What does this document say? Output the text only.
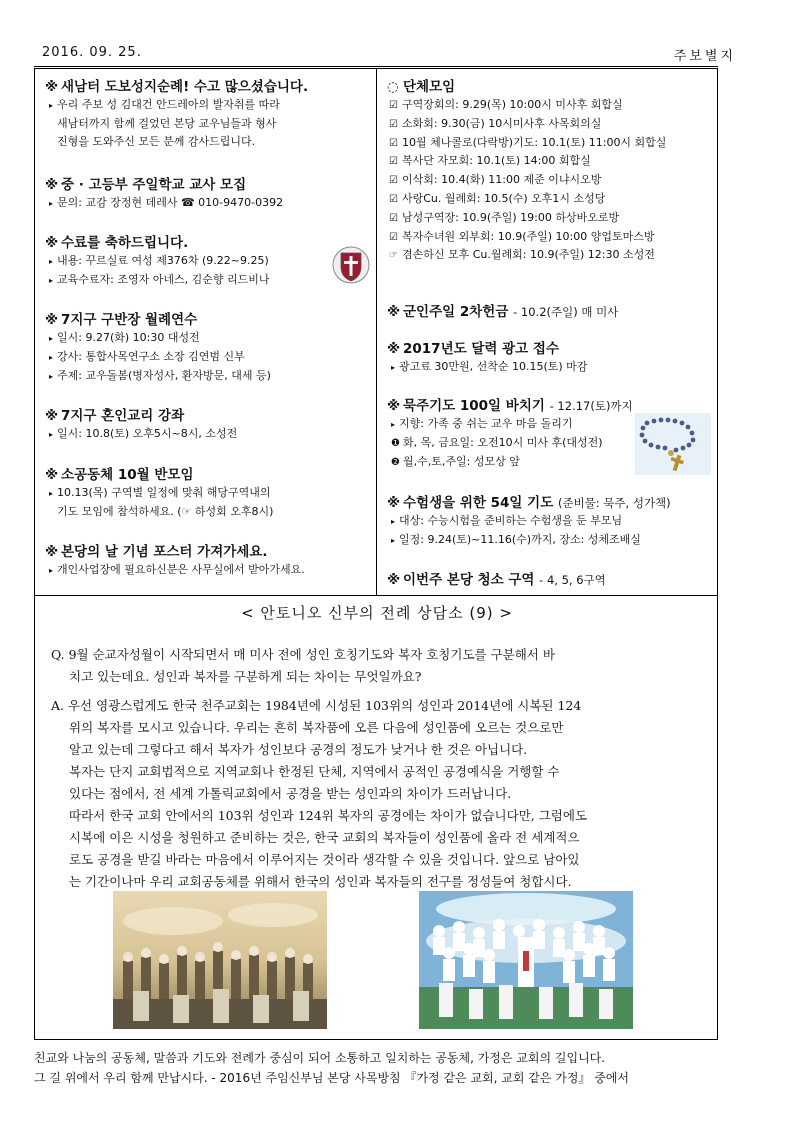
2016. 09. 25.	주보별지
※ 새남터 도보성지순례! 수고 많으셨습니다.
▸ 우리 주보 성 김대건 안드레아의 발자취를 따라
새남터까지 함께 걸었던 본당 교우님들과 형사
진형을 도와주신 모든 분께 감사드립니다.
※ 중 · 고등부 주일학교 교사 모집
▸ 문의: 교감 장정현 데레사 ☎ 010-9470-0392
※ 수료를 축하드립니다.
▸ 내용: 꾸르실료 여성 제376차 (9.22~9.25)
▸ 교육수료자: 조영자 아네스, 김순향 리드비나
※ 7지구 구반장 월례연수
▸ 일시: 9.27(화) 10:30 대성전
▸ 강사: 통합사목연구소 소장 김연범 신부
▸ 주제: 교우돌봄(병자성사, 환자방문, 대세 등)
※ 7지구 혼인교리 강좌
▸ 일시: 10.8(토) 오후5시~8시, 소성전
※ 소공동체 10월 반모임
▸ 10.13(목) 구역별 일정에 맞춰 해당구역내의
기도 모임에 참석하세요. (☞ 하성회 오후8시)
※ 본당의 날 기념 포스터 가져가세요.
▸ 개인사업장에 필요하신분은 사무실에서 받아가세요.
◌ 단체모임
☑ 구역장회의: 9.29(목) 10:00시 미사후 회합실
☑ 소화회: 9.30(금) 10시미사후 사목회의실
☑ 10월 체나콜로(다락방)기도: 10.1(토) 11:00시 회합실
☑ 복사단 자모회: 10.1(토) 14:00 회합실
☑ 이삭회: 10.4(화) 11:00 제준 이냐시오방
☑ 사랑Cu. 월례회: 10.5(수) 오후1시 소성당
☑ 남성구역장: 10.9(주일) 19:00 하상바오로방
☑ 복자수녀원 외부회: 10.9(주일) 10:00 양업토마스방
☞ 겸손하신 모후 Cu.월례회: 10.9(주일) 12:30 소성전
※ 군인주일 2차헌금 - 10.2(주일) 매 미사
※ 2017년도 달력 광고 접수
▸ 광고료 30만원, 선착순 10.15(토) 마감
※ 묵주기도 100일 바치기 - 12.17(토)까지
▸ 지향: 가족 중 쉬는 교우 마음 돌리기
❶ 화, 목, 금요일: 오전10시 미사 후(대성전)
❷ 월,수,토,주일: 성모상 앞
※ 수험생을 위한 54일 기도 (준비물: 묵주, 성가책)
▸ 대상: 수능시험을 준비하는 수험생을 둔 부모님
▸ 일정: 9.24(토)~11.16(수)까지, 장소: 성체조배실
※ 이번주 본당 청소 구역 - 4, 5, 6구역
< 안토니오 신부의 전례 상담소 (9) >
Q. 9월 순교자성월이 시작되면서 매 미사 전에 성인 호칭기도와 복자 호칭기도를 구분해서 바
치고 있는데요. 성인과 복자를 구분하게 되는 차이는 무엇일까요?
A. 우선 영광스럽게도 한국 천주교회는 1984년에 시성된 103위의 성인과 2014년에 시복된 124
위의 복자를 모시고 있습니다. 우리는 흔히 복자품에 오른 다음에 성인품에 오르는 것으로만
알고 있는데 그렇다고 해서 복자가 성인보다 공경의 정도가 낮거나 한 것은 아닙니다.
복자는 단지 교회법적으로 지역교회나 한정된 단체, 지역에서 공적인 공경예식을 거행할 수
있다는 점에서, 전 세계 가톨릭교회에서 공경을 받는 성인과의 차이가 드러납니다.
따라서 한국 교회 안에서의 103위 성인과 124위 복자의 공경에는 차이가 없습니다만, 그럼에도
시복에 이은 시성을 청원하고 준비하는 것은, 한국 교회의 복자들이 성인품에 올라 전 세계적으
로도 공경을 받길 바라는 마음에서 이루어지는 것이라 생각할 수 있을 것입니다. 앞으로 남아있
는 기간이나마 우리 교회공동체를 위해서 한국의 성인과 복자들의 전구를 정성들여 청합시다.
친교와 나눔의 공동체, 말씀과 기도와 전례가 중심이 되어 소통하고 일치하는 공동체, 가정은 교회의 길입니다.
그 길 위에서 우리 함께 만납시다. - 2016년 주임신부님 본당 사목방침 『가정 같은 교회, 교회 같은 가정』 중에서
